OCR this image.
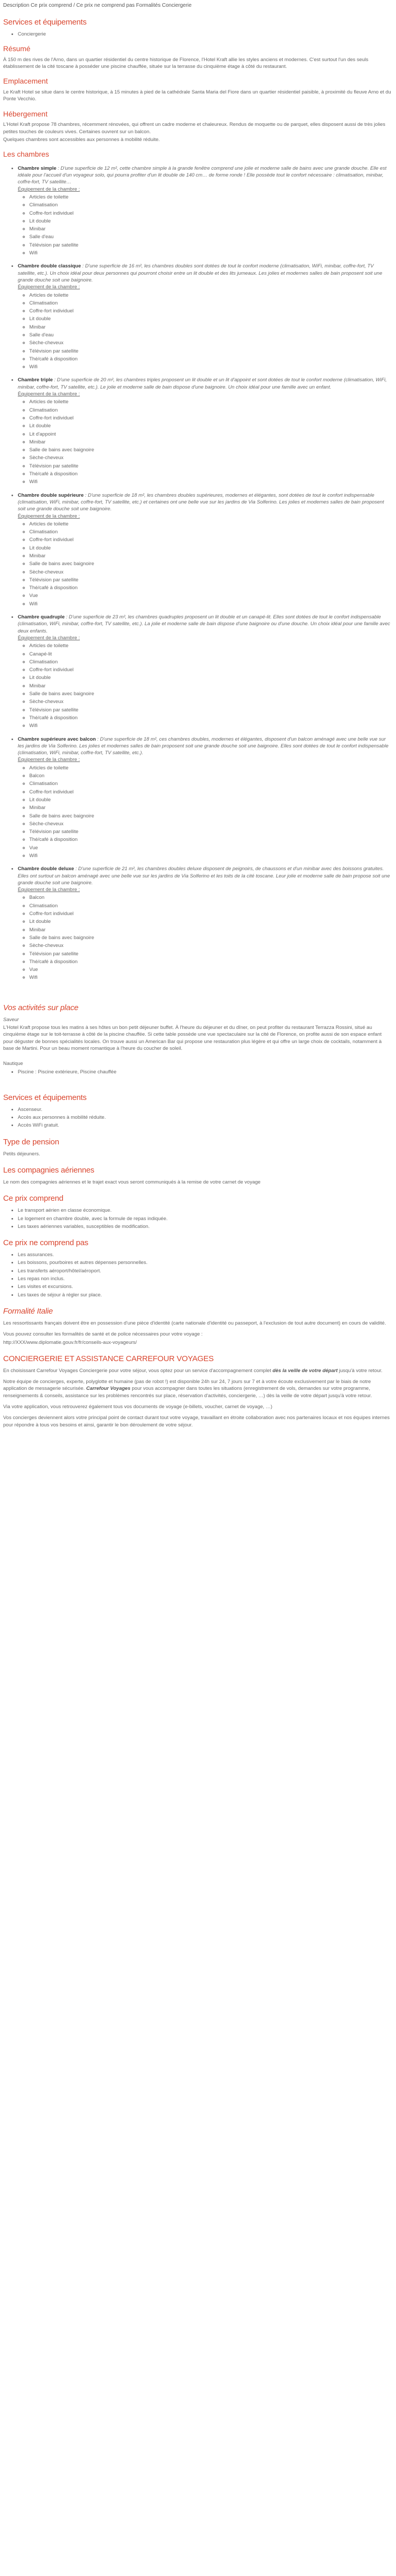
Description Ce prix comprend / Ce prix ne comprend pas Formalités Conciergerie
Services et équipements
• Conciergerie
Résumé
À 150 m des rives de l'Arno, dans un quartier résidentiel du centre historique de Florence, l'Hotel Kraft allie les styles anciens et modernes. C'est surtout l'un des seuls établissement de la cité toscane à posséder une piscine chauffée, située sur la terrasse du cinquième étage à côté du restaurant.
Emplacement
Le Kraft Hotel se situe dans le centre historique, à 15 minutes à pied de la cathédrale Santa Maria del Fiore dans un quartier résidentiel paisible, à proximité du fleuve Arno et du Ponte Vecchio.
Hébergement
L'Hotel Kraft propose 78 chambres, récemment rénovées, qui offrent un cadre moderne et chaleureux. Rendus de moquette ou de parquet, elles disposent aussi de très jolies petites touches de couleurs vives. Certaines ouvrent sur un balcon.
Quelques chambres sont accessibles aux personnes à mobilité réduite.
Les chambres
• Chambre simple : D'une superficie de 12 m², cette chambre simple à la grande fenêtre comprend une jolie et moderne salle de bains avec une grande douche. Elle est idéale pour l'accueil d'un voyageur solo, qui pourra profiter d'un lit double de 140 cm… de forme ronde ! Elle possède tout le confort nécessaire : climatisation, minibar, coffre-fort, TV satellite…
Équipement de la chambre :
◦ Articles de toilette
◦ Climatisation
◦ Coffre-fort individuel
◦ Lit double
◦ Minibar
◦ Salle d'eau
◦ Télévision par satellite
◦ Wifi
• Chambre double classique : D'une superficie de 16 m², les chambres doubles sont dotées de tout le confort moderne (climatisation, WiFi, minibar, coffre-fort, TV satellite, etc.). Un choix idéal pour deux personnes qui pourront choisir entre un lit double et des lits jumeaux. Les jolies et modernes salles de bain proposent soit une grande douche soit une baignoire.
Équipement de la chambre :
◦ Articles de toilette
◦ Climatisation
◦ Coffre-fort individuel
◦ Lit double
◦ Minibar
◦ Salle d'eau
◦ Sèche-cheveux
◦ Télévision par satellite
◦ Thé/café à disposition
◦ Wifi
• Chambre triple : D'une superficie de 20 m², les chambres triples proposent un lit double et un lit d'appoint et sont dotées de tout le confort moderne (climatisation, WiFi, minibar, coffre-fort, TV satellite, etc.). Le jolie et moderne salle de bain dispose d'une baignoire. Un choix idéal pour une famille avec un enfant.
Équipement de la chambre :
◦ Articles de toilette
◦ Climatisation
◦ Coffre-fort individuel
◦ Lit double
◦ Lit d'appoint
◦ Minibar
◦ Salle de bains avec baignoire
◦ Sèche-cheveux
◦ Télévision par satellite
◦ Thé/café à disposition
◦ Wifi
• Chambre double supérieure : D'une superficie de 18 m², les chambres doubles supérieures, modernes et élégantes, sont dotées de tout le confort indispensable (climatisation, WiFi, minibar, coffre-fort, TV satellite, etc.) et certaines ont une belle vue sur les jardins de Via Solferino. Les jolies et modernes salles de bain proposent soit une grande douche soit une baignoire.
Équipement de la chambre :
◦ Articles de toilette
◦ Climatisation
◦ Coffre-fort individuel
◦ Lit double
◦ Minibar
◦ Salle de bains avec baignoire
◦ Sèche-cheveux
◦ Télévision par satellite
◦ Thé/café à disposition
◦ Vue
◦ Wifi
• Chambre quadruple : D'une superficie de 23 m², les chambres quadruples proposent un lit double et un canapé-lit. Elles sont dotées de tout le confort indispensable (climatisation, WiFi, minibar, coffre-fort, TV satellite, etc.). La jolie et moderne salle de bain dispose d'une baignoire ou d'une douche. Un choix idéal pour une famille avec deux enfants.
Équipement de la chambre :
◦ Articles de toilette
◦ Canapé-lit
◦ Climatisation
◦ Coffre-fort individuel
◦ Lit double
◦ Minibar
◦ Salle de bains avec baignoire
◦ Sèche-cheveux
◦ Télévision par satellite
◦ Thé/café à disposition
◦ Wifi
• Chambre supérieure avec balcon : D'une superficie de 18 m², ces chambres doubles, modernes et élégantes, disposent d'un balcon aménagé avec une belle vue sur les jardins de Via Solferino. Les jolies et modernes salles de bain proposent soit une grande douche soit une baignoire. Elles sont dotées de tout le confort indispensable (climatisation, WiFi, minibar, coffre-fort, TV satellite, etc.).
Équipement de la chambre :
◦ Articles de toilette
◦ Balcon
◦ Climatisation
◦ Coffre-fort individuel
◦ Lit double
◦ Minibar
◦ Salle de bains avec baignoire
◦ Sèche-cheveux
◦ Télévision par satellite
◦ Thé/café à disposition
◦ Vue
◦ Wifi
• Chambre double deluxe : D'une superficie de 21 m², les chambres doubles deluxe disposent de peignoirs, de chaussons et d'un minibar avec des boissons gratuites. Elles ont surtout un balcon aménagé avec une belle vue sur les jardins de Via Solferino et les toits de la cité toscane. Leur jolie et moderne salle de bain propose soit une grande douche soit une baignoire.
Équipement de la chambre :
◦ Balcon
◦ Climatisation
◦ Coffre-fort individuel
◦ Lit double
◦ Minibar
◦ Salle de bains avec baignoire
◦ Sèche-cheveux
◦ Télévision par satellite
◦ Thé/café à disposition
◦ Vue
◦ Wifi
Vos activités sur place
Saveur
L'Hotel Kraft propose tous les matins à ses hôtes un bon petit déjeuner buffet. À l'heure du déjeuner et du dîner, on peut profiter du restaurant Terrazza Rossini, situé au cinquième étage sur le toit-terrasse à côté de la piscine chauffée. Si cette table possède une vue spectaculaire sur la cité de Florence, on profite aussi de son espace enfant pour déguster de bonnes spécialités locales. On trouve aussi un American Bar qui propose une restauration plus légère et qui offre un large choix de cocktails, notamment à base de Martini. Pour un beau moment romantique à l'heure du coucher de soleil.
Nautique
• Piscine : Piscine extérieure, Piscine chauffée
Services et équipements
• Ascenseur.
• Accès aux personnes à mobilité réduite.
• Accès WiFi gratuit.
Type de pension
Petits déjeuners.
Les compagnies aériennes
Le nom des compagnies aériennes et le trajet exact vous seront communiqués à la remise de votre carnet de voyage
Ce prix comprend
• Le transport aérien en classe économique.
• Le logement en chambre double, avec la formule de repas indiquée.
• Les taxes aériennes variables, susceptibles de modification.
Ce prix ne comprend pas
• Les assurances.
• Les boissons, pourboires et autres dépenses personnelles.
• Les transferts aéroport/hôtel/aéroport.
• Les repas non inclus.
• Les visites et excursions.
• Les taxes de séjour à régler sur place.
Formalité Italie
Les ressortissants français doivent être en possession d'une pièce d'identité (carte nationale d'identité ou passeport, à l'exclusion de tout autre document) en cours de validité.
Vous pouvez consulter les formalités de santé et de police nécessaires pour votre voyage :
http://XXX/www.diplomatie.gouv.fr/fr/conseils-aux-voyageurs/
CONCIERGERIE ET ASSISTANCE CARREFOUR VOYAGES
En choisissant Carrefour Voyages Conciergerie pour votre séjour, vous optez pour un service d'accompagnement complet dès la veille de votre départ jusqu'à votre retour.
Notre équipe de concierges, experte, polyglotte et humaine (pas de robot !) est disponible 24h sur 24, 7 jours sur 7 et à votre écoute exclusivement par le biais de notre application de messagerie sécurisée. Carrefour Voyages pour vous accompagner dans toutes les situations (enregistrement de vols, demandes sur votre programme, renseignements & conseils, assistance sur les problèmes rencontrés sur place, réservation d'activités, conciergerie, …) dès la veille de votre départ jusqu'à votre retour.
Via votre application, vous retrouverez également tous vos documents de voyage (e-billets, voucher, carnet de voyage, …)
Vos concierges deviennent alors votre principal point de contact durant tout votre voyage, travaillant en étroite collaboration avec nos partenaires locaux et nos équipes internes pour répondre à tous vos besoins et ainsi, garantir le bon déroulement de votre séjour.
